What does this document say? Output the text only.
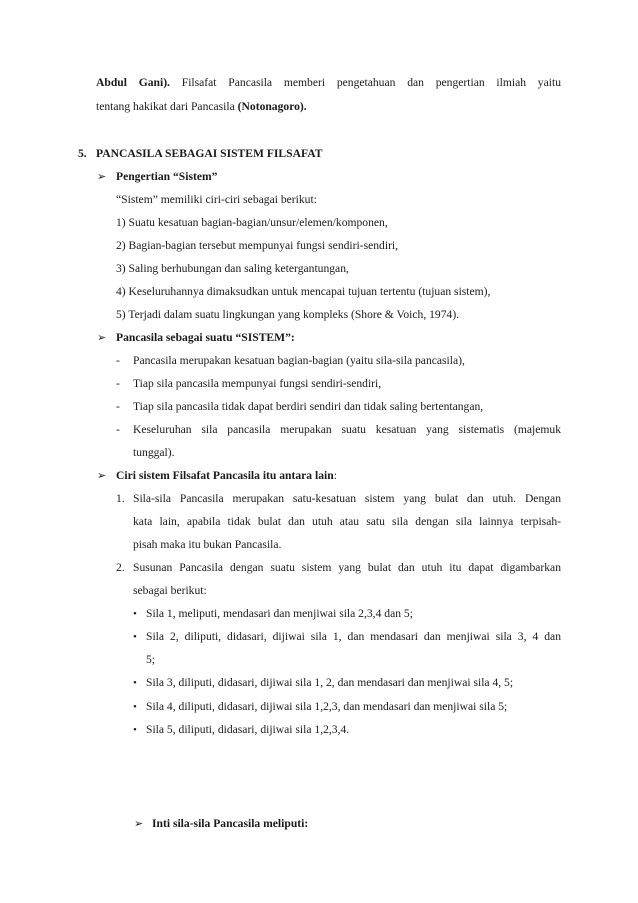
Abdul Gani). Filsafat Pancasila memberi pengetahuan dan pengertian ilmiah yaitu
tentang hakikat dari Pancasila (Notonagoro).
5. PANCASILA SEBAGAI SISTEM FILSAFAT
➢ Pengertian “Sistem”
“Sistem” memiliki ciri-ciri sebagai berikut:
1) Suatu kesatuan bagian-bagian/unsur/elemen/komponen,
2) Bagian-bagian tersebut mempunyai fungsi sendiri-sendiri,
3) Saling berhubungan dan saling ketergantungan,
4) Keseluruhannya dimaksudkan untuk mencapai tujuan tertentu (tujuan sistem),
5) Terjadi dalam suatu lingkungan yang kompleks (Shore & Voich, 1974).
➢ Pancasila sebagai suatu “SISTEM”:
- Pancasila merupakan kesatuan bagian-bagian (yaitu sila-sila pancasila),
- Tiap sila pancasila mempunyai fungsi sendiri-sendiri,
- Tiap sila pancasila tidak dapat berdiri sendiri dan tidak saling bertentangan,
- Keseluruhan sila pancasila merupakan suatu kesatuan yang sistematis (majemuk
tunggal).
➢ Ciri sistem Filsafat Pancasila itu antara lain:
1. Sila-sila Pancasila merupakan satu-kesatuan sistem yang bulat dan utuh. Dengan
kata lain, apabila tidak bulat dan utuh atau satu sila dengan sila lainnya terpisah-
pisah maka itu bukan Pancasila.
2. Susunan Pancasila dengan suatu sistem yang bulat dan utuh itu dapat digambarkan
sebagai berikut:
• Sila 1, meliputi, mendasari dan menjiwai sila 2,3,4 dan 5;
• Sila 2, diliputi, didasari, dijiwai sila 1, dan mendasari dan menjiwai sila 3, 4 dan
5;
• Sila 3, diliputi, didasari, dijiwai sila 1, 2, dan mendasari dan menjiwai sila 4, 5;
• Sila 4, diliputi, didasari, dijiwai sila 1,2,3, dan mendasari dan menjiwai sila 5;
• Sila 5, diliputi, didasari, dijiwai sila 1,2,3,4.
➢ Inti sila-sila Pancasila meliputi:
